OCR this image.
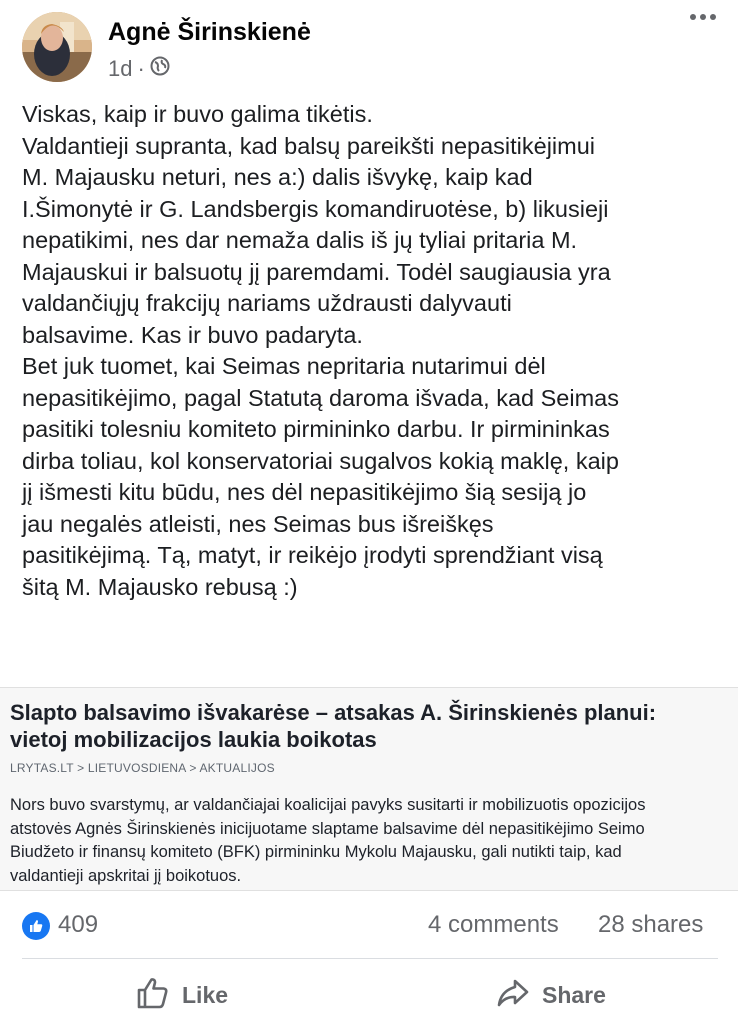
Agnė Širinskienė
1d ·
Viskas, kaip ir buvo galima tikėtis.
Valdantieji supranta, kad balsų pareikšti nepasitikėjimui
M. Majausku neturi, nes a:) dalis išvykę, kaip kad
I.Šimonytė ir G. Landsbergis komandiruotėse, b) likusieji
nepatikimi, nes dar nemaža dalis iš jų tyliai pritaria M.
Majauskui ir balsuotų jį paremdami. Todėl saugiausia yra
valdančiųjų frakcijų nariams uždrausti dalyvauti
balsavime. Kas ir buvo padaryta.
Bet juk tuomet, kai Seimas nepritaria nutarimui dėl
nepasitikėjimo, pagal Statutą daroma išvada, kad Seimas
pasitiki tolesniu komiteto pirmininko darbu. Ir pirmininkas
dirba toliau, kol konservatoriai sugalvos kokią maklę, kaip
jį išmesti kitu būdu, nes dėl nepasitikėjimo šią sesiją jo
jau negalės atleisti, nes Seimas bus išreiškęs
pasitikėjimą. Tą, matyt, ir reikėjo įrodyti sprendžiant visą
šitą M. Majausko rebusą :)
Slapto balsavimo išvakarėse – atsakas A. Širinskienės planui:
vietoj mobilizacijos laukia boikotas
LRYTAS.LT > LIETUVOSDIENA > AKTUALIJOS
Nors buvo svarstymų, ar valdančiajai koalicijai pavyks susitarti ir mobilizuotis opozicijos
atstovės Agnės Širinskienės inicijuotame slaptame balsavime dėl nepasitikėjimo Seimo
Biudžeto ir finansų komiteto (BFK) pirmininku Mykolu Majausku, gali nutikti taip, kad
valdantieji apskritai jį boikotuos.
409	4 comments 28 shares
Like	Share
